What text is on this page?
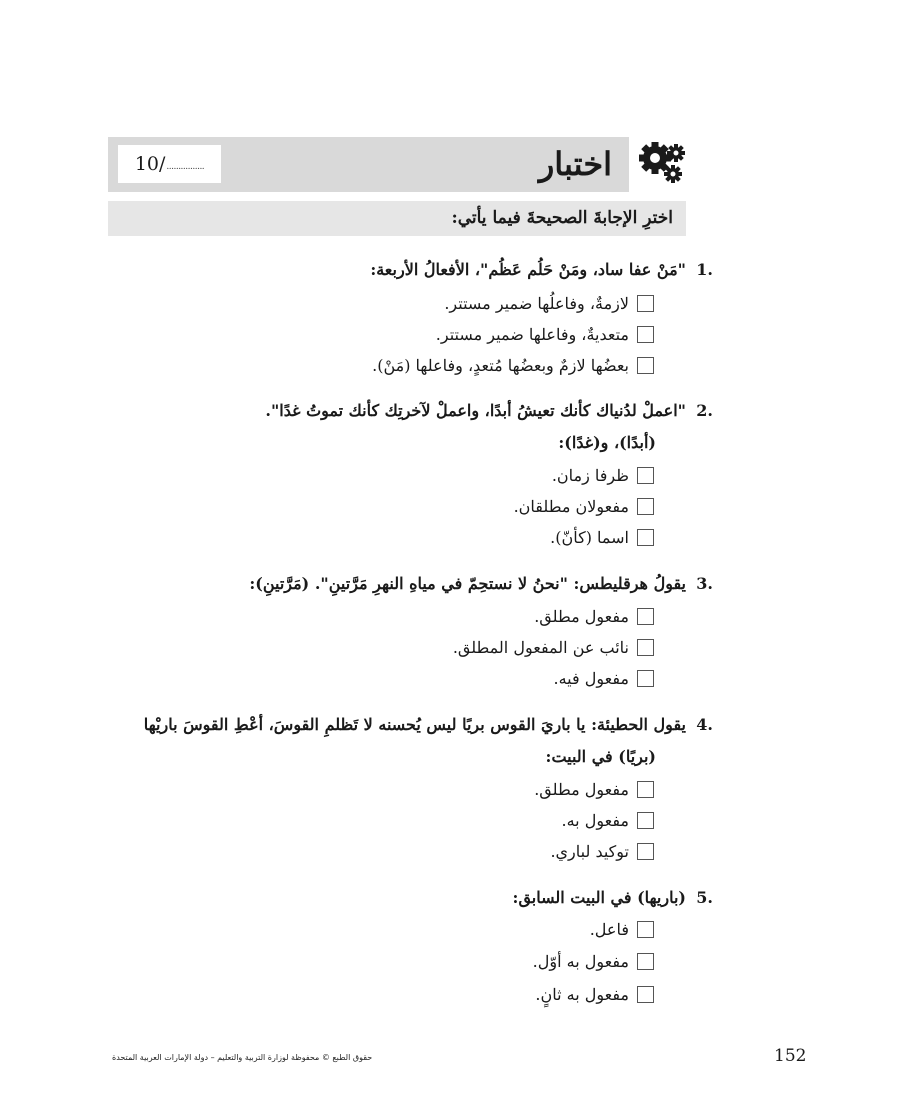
10/ ................	اختبار
اخترِ الإجابةَ الصحيحةَ فيما يأتي:
1.
"مَنْ عفا ساد، ومَنْ حَلُم عَظُم"، الأفعالُ الأربعة:
لازمةٌ، وفاعلُها ضمير مستتر.
متعديةٌ، وفاعلها ضمير مستتر.
بعضُها لازمٌ وبعضُها مُتعدٍ، وفاعلها (مَنْ).
2.
"اعملْ لدُنياك كأنك تعيشُ أبدًا، واعملْ لآخرتِك كأنك تموتُ غدًا".
(أبدًا)، و(غدًا):
ظرفا زمان.
مفعولان مطلقان.
اسما (كأنّ).
3.
يقولُ هرقليطس: "نحنُ لا نستحِمّ في مياهِ النهرِ مَرَّتينِ". (مَرَّتينِ):
مفعول مطلق.
نائب عن المفعول المطلق.
مفعول فيه.
4.
يقول الحطيئة: يا باريَ القوس بريًا ليس يُحسنه لا تَظلمِ القوسَ، أعْطِ القوسَ باريْها
(بريًا) في البيت:
مفعول مطلق.
مفعول به.
توكيد لباري.
5.
(باريها) في البيت السابق:
فاعل.
مفعول به أوّل.
مفعول به ثانٍ.
حقوق الطبع © محفوظة لوزارة التربية والتعليم – دولة الإمارات العربية المتحدة	152
